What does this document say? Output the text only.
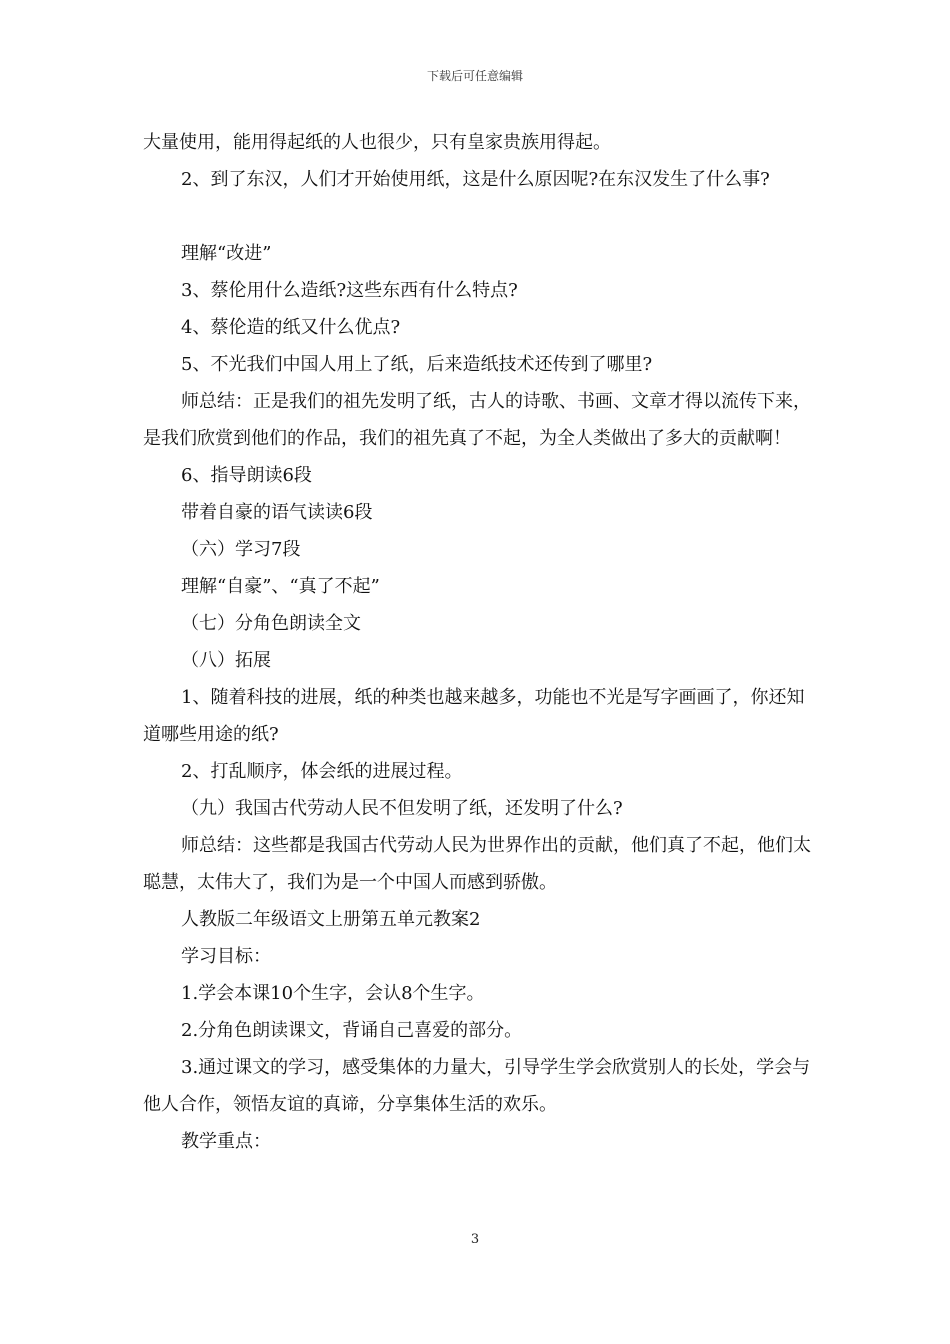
下载后可任意编辑

大量使用，能用得起纸的人也很少，只有皇家贵族用得起。

2、到了东汉，人们才开始使用纸，这是什么原因呢?在东汉发生了什么事?

理解“改进”

3、蔡伦用什么造纸?这些东西有什么特点?

4、蔡伦造的纸又什么优点?

5、不光我们中国人用上了纸，后来造纸技术还传到了哪里?

师总结：正是我们的祖先发明了纸，古人的诗歌、书画、文章才得以流传下来，是我们欣赏到他们的作品，我们的祖先真了不起，为全人类做出了多大的贡献啊！

6、指导朗读6段

带着自豪的语气读读6段

（六）学习7段

理解“自豪”、“真了不起”

（七）分角色朗读全文

（八）拓展

1、随着科技的进展，纸的种类也越来越多，功能也不光是写字画画了，你还知道哪些用途的纸?

2、打乱顺序，体会纸的进展过程。

（九）我国古代劳动人民不但发明了纸，还发明了什么?

师总结：这些都是我国古代劳动人民为世界作出的贡献，他们真了不起，他们太聪慧，太伟大了，我们为是一个中国人而感到骄傲。

人教版二年级语文上册第五单元教案2

学习目标：

1.学会本课10个生字，会认8个生字。

2.分角色朗读课文，背诵自己喜爱的部分。

3.通过课文的学习，感受集体的力量大，引导学生学会欣赏别人的长处，学会与他人合作，领悟友谊的真谛，分享集体生活的欢乐。

教学重点：

3
